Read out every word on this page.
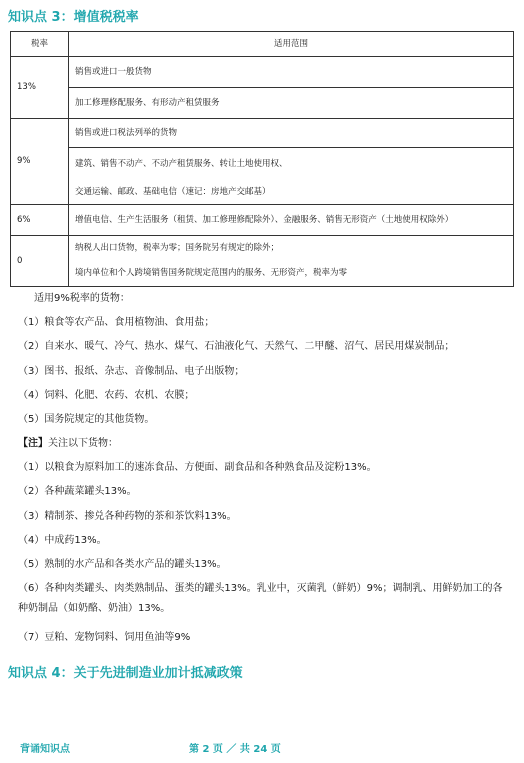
知识点 3：增值税税率
税率	适用范围
13%	销售或进口一般货物
加工修理修配服务、有形动产租赁服务

9%	销售或进口税法列举的货物
建筑、销售不动产、不动产租赁服务、转让土地使用权、
交通运输、邮政、基础电信（速记：房地产交邮基）

6%	增值电信、生产生活服务（租赁、加工修理修配除外）、金融服务、销售无形资产（土地使用权除外）
0	纳税人出口货物，税率为零；国务院另有规定的除外；
境内单位和个人跨境销售国务院规定范围内的服务、无形资产，税率为零
适用9%税率的货物：
（1）粮食等农产品、食用植物油、食用盐；
（2）自来水、暖气、冷气、热水、煤气、石油液化气、天然气、二甲醚、沼气、居民用煤炭制品；
（3）图书、报纸、杂志、音像制品、电子出版物；
（4）饲料、化肥、农药、农机、农膜；
（5）国务院规定的其他货物。
【注】关注以下货物：
（1）以粮食为原料加工的速冻食品、方便面、副食品和各种熟食品及淀粉13%。
（2）各种蔬菜罐头13%。
（3）精制茶、掺兑各种药物的茶和茶饮料13%。
（4）中成药13%。
（5）熟制的水产品和各类水产品的罐头13%。
（6）各种肉类罐头、肉类熟制品、蛋类的罐头13%。乳业中，灭菌乳（鲜奶）9%；调制乳、用鲜奶加工的各种奶制品（如奶酪、奶油）13%。
（7）豆粕、宠物饲料、饲用鱼油等9%
知识点 4：关于先进制造业加计抵减政策
背诵知识点	第 2 页 ／ 共 24 页
